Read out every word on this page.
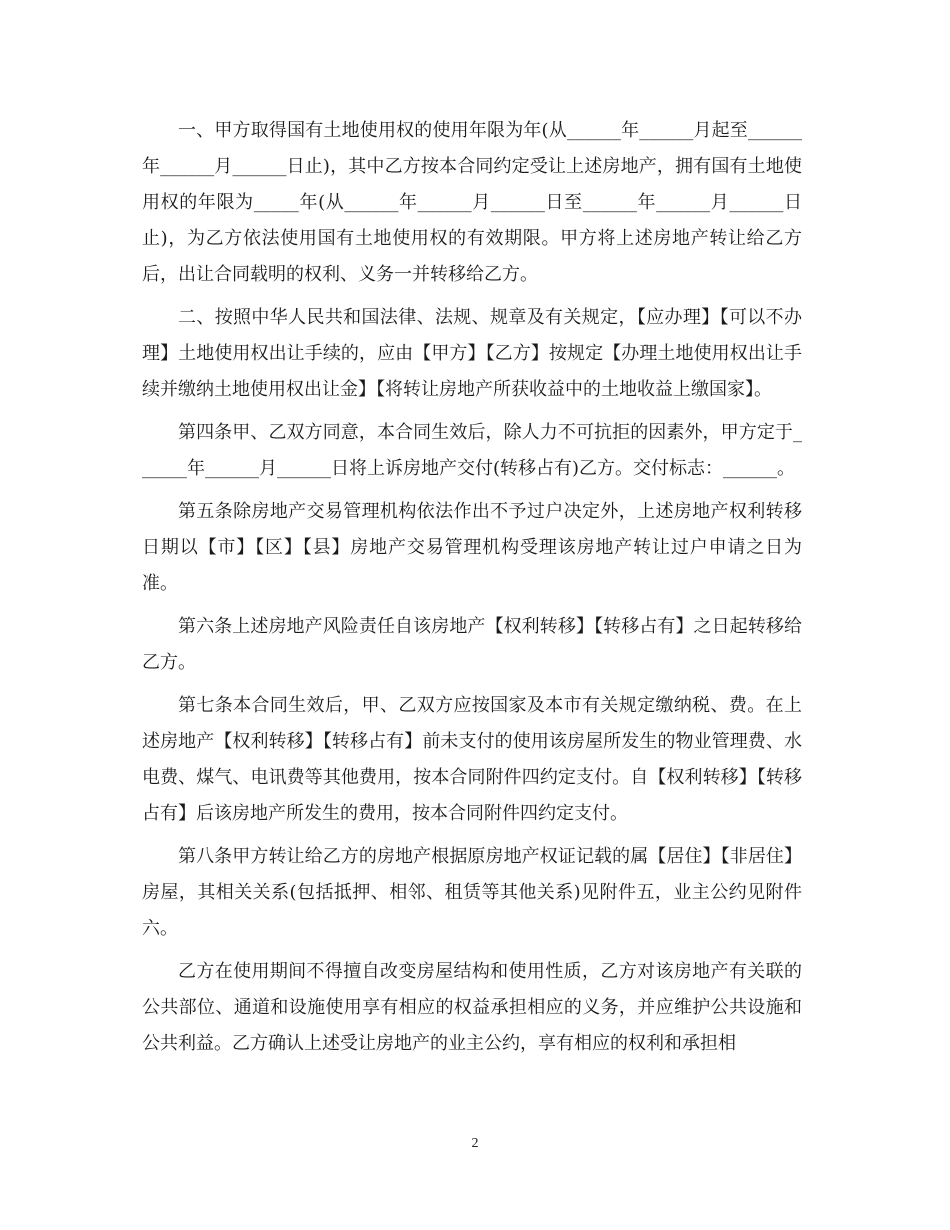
一、甲方取得国有土地使用权的使用年限为年(从______年______月起至______年______月______日止)，其中乙方按本合同约定受让上述房地产，拥有国有土地使用权的年限为_____年(从______年______月______日至______年______月______日止)，为乙方依法使用国有土地使用权的有效期限。甲方将上述房地产转让给乙方后，出让合同载明的权利、义务一并转移给乙方。

二、按照中华人民共和国法律、法规、规章及有关规定，【应办理】【可以不办理】土地使用权出让手续的，应由【甲方】【乙方】按规定【办理土地使用权出让手续并缴纳土地使用权出让金】【将转让房地产所获收益中的土地收益上缴国家】。

第四条甲、乙双方同意，本合同生效后，除人力不可抗拒的因素外，甲方定于______年______月______日将上诉房地产交付(转移占有)乙方。交付标志：______。

第五条除房地产交易管理机构依法作出不予过户决定外，上述房地产权利转移日期以【市】【区】【县】房地产交易管理机构受理该房地产转让过户申请之日为准。

第六条上述房地产风险责任自该房地产【权利转移】【转移占有】之日起转移给乙方。

第七条本合同生效后，甲、乙双方应按国家及本市有关规定缴纳税、费。在上述房地产【权利转移】【转移占有】前未支付的使用该房屋所发生的物业管理费、水电费、煤气、电讯费等其他费用，按本合同附件四约定支付。自【权利转移】【转移占有】后该房地产所发生的费用，按本合同附件四约定支付。

第八条甲方转让给乙方的房地产根据原房地产权证记载的属【居住】【非居住】房屋，其相关关系(包括抵押、相邻、租赁等其他关系)见附件五，业主公约见附件六。

乙方在使用期间不得擅自改变房屋结构和使用性质，乙方对该房地产有关联的公共部位、通道和设施使用享有相应的权益承担相应的义务，并应维护公共设施和公共利益。乙方确认上述受让房地产的业主公约，享有相应的权利和承担相

2
